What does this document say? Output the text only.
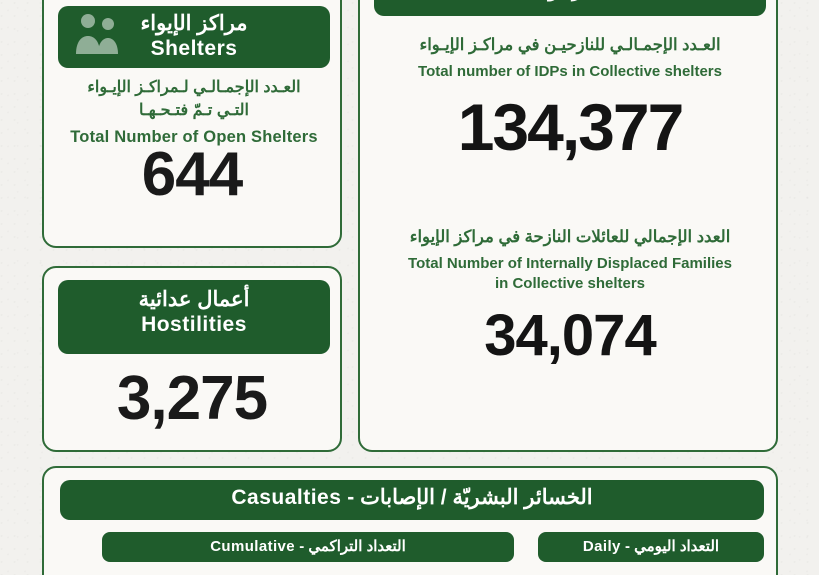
مراكز الإيواء
Shelters
العـدد الإجمـالـي لـمراكـز الإيـواء
التـي تـمّ فتـحـهـا
Total Number of Open Shelters
644
أعمال عدائية
Hostilities
3,275
العـدد الإجمـالـي للنازحيـن في مراكـز الإيـواء
Total number of IDPs in Collective shelters
134,377
العدد الإجمالي للعائلات النازحة في مراكز الإيواء
Total Number of Internally Displaced Families
in Collective shelters
34,074
الخسائر البشريّة / الإصابات - Casualties
التعداد التراكمي - Cumulative	التعداد اليومي - Daily
